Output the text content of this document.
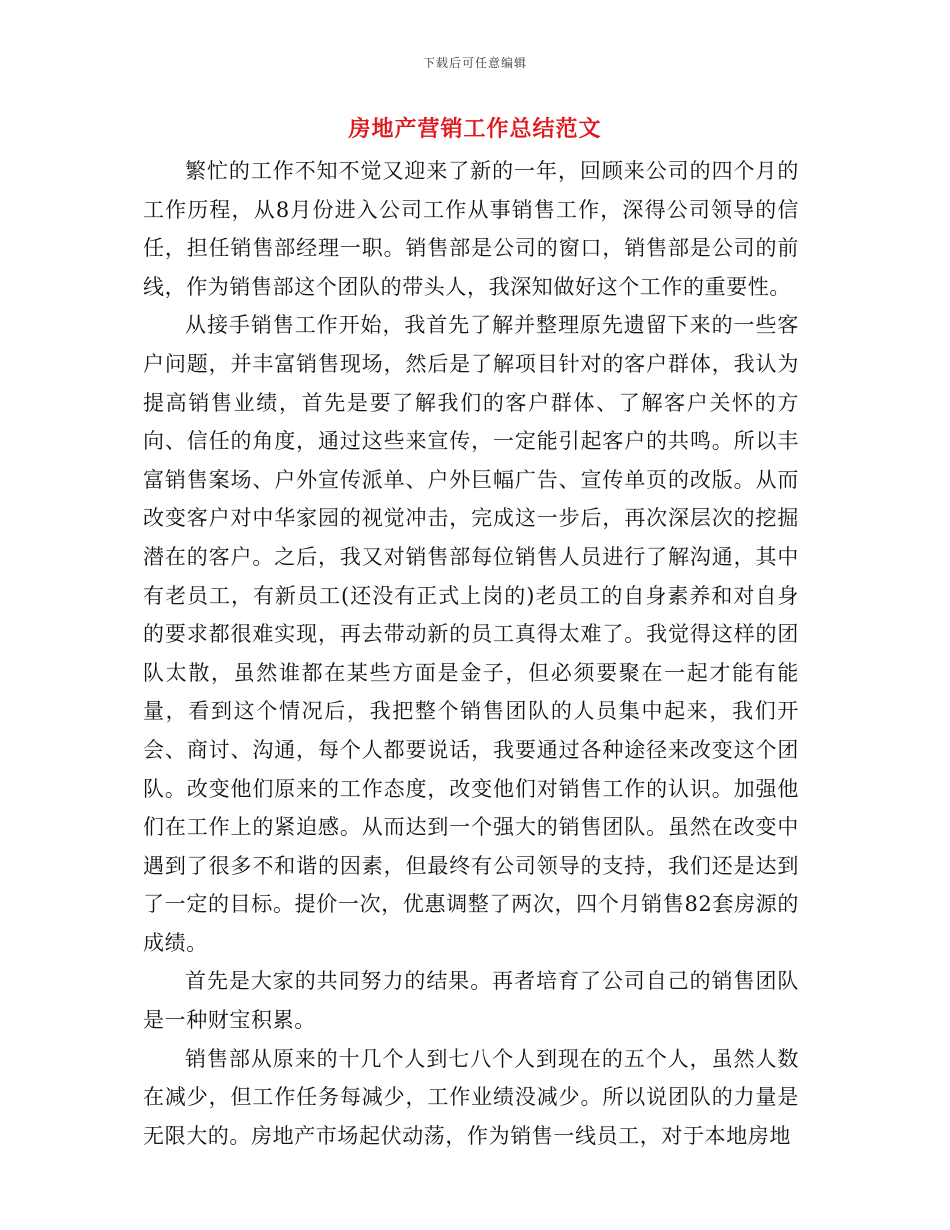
下载后可任意编辑
房地产营销工作总结范文

繁忙的工作不知不觉又迎来了新的一年，回顾来公司的四个月的工作历程，从8月份进入公司工作从事销售工作，深得公司领导的信任，担任销售部经理一职。销售部是公司的窗口，销售部是公司的前线，作为销售部这个团队的带头人，我深知做好这个工作的重要性。

从接手销售工作开始，我首先了解并整理原先遗留下来的一些客户问题，并丰富销售现场，然后是了解项目针对的客户群体，我认为提高销售业绩，首先是要了解我们的客户群体、了解客户关怀的方向、信任的角度，通过这些来宣传，一定能引起客户的共鸣。所以丰富销售案场、户外宣传派单、户外巨幅广告、宣传单页的改版。从而改变客户对中华家园的视觉冲击，完成这一步后，再次深层次的挖掘潜在的客户。之后，我又对销售部每位销售人员进行了解沟通，其中有老员工，有新员工(还没有正式上岗的)老员工的自身素养和对自身的要求都很难实现，再去带动新的员工真得太难了。我觉得这样的团队太散，虽然谁都在某些方面是金子，但必须要聚在一起才能有能量，看到这个情况后，我把整个销售团队的人员集中起来，我们开会、商讨、沟通，每个人都要说话，我要通过各种途径来改变这个团队。改变他们原来的工作态度，改变他们对销售工作的认识。加强他们在工作上的紧迫感。从而达到一个强大的销售团队。虽然在改变中遇到了很多不和谐的因素，但最终有公司领导的支持，我们还是达到了一定的目标。提价一次，优惠调整了两次，四个月销售82套房源的成绩。

首先是大家的共同努力的结果。再者培育了公司自己的销售团队是一种财宝积累。

销售部从原来的十几个人到七八个人到现在的五个人，虽然人数在减少，但工作任务每减少，工作业绩没减少。所以说团队的力量是无限大的。房地产市场起伏动荡，作为销售一线员工，对于本地房地
